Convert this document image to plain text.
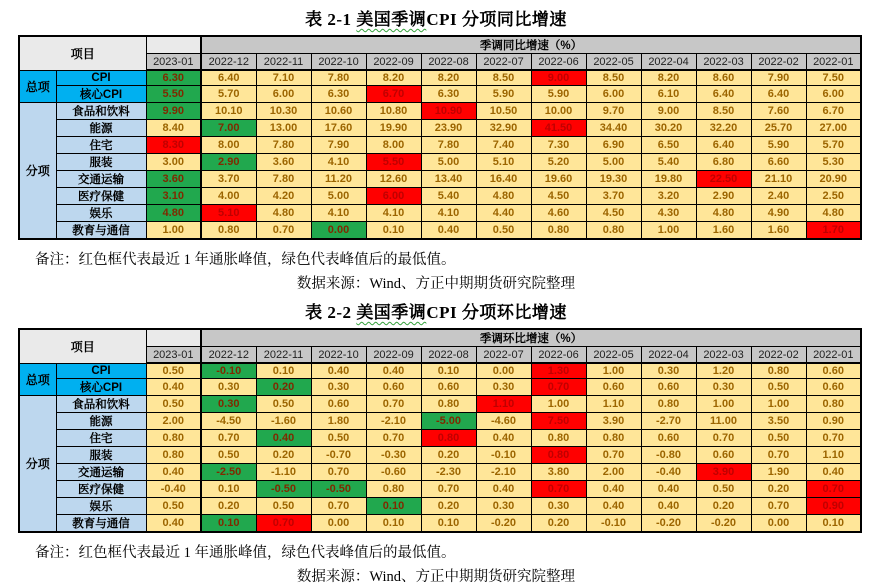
表 2-1 美国季调CPI 分项同比增速
项目			季调同比增速（%）											
		2023-01	2022-12	2022-11	2022-10	2022-09	2022-08	2022-07	2022-06	2022-05	2022-04	2022-03	2022-02	2022-01
总项	CPI	6.30	6.40	7.10	7.80	8.20	8.20	8.50	9.00	8.50	8.20	8.60	7.90	7.50
	核心CPI	5.50	5.70	6.00	6.30	6.70	6.30	5.90	5.90	6.00	6.10	6.40	6.40	6.00
分项	食品和饮料	9.90	10.10	10.30	10.60	10.80	10.90	10.50	10.00	9.70	9.00	8.50	7.60	6.70
	能源	8.40	7.00	13.00	17.60	19.90	23.90	32.90	41.50	34.40	30.20	32.20	25.70	27.00
	住宅	8.30	8.00	7.80	7.90	8.00	7.80	7.40	7.30	6.90	6.50	6.40	5.90	5.70
	服装	3.00	2.90	3.60	4.10	5.50	5.00	5.10	5.20	5.00	5.40	6.80	6.60	5.30
	交通运输	3.60	3.70	7.80	11.20	12.60	13.40	16.40	19.60	19.30	19.80	22.50	21.10	20.90
	医疗保健	3.10	4.00	4.20	5.00	6.00	5.40	4.80	4.50	3.70	3.20	2.90	2.40	2.50
	娱乐	4.80	5.10	4.80	4.10	4.10	4.10	4.40	4.60	4.50	4.30	4.80	4.90	4.80
	教育与通信	1.00	0.80	0.70	0.00	0.10	0.40	0.50	0.80	0.80	1.00	1.60	1.60	1.70
备注：红色框代表最近 1 年通胀峰值，绿色代表峰值后的最低值。
数据来源：Wind、方正中期期货研究院整理
表 2-2 美国季调CPI 分项环比增速
项目			季调环比增速（%）											
		2023-01	2022-12	2022-11	2022-10	2022-09	2022-08	2022-07	2022-06	2022-05	2022-04	2022-03	2022-02	2022-01
总项	CPI	0.50	-0.10	0.10	0.40	0.40	0.10	0.00	1.30	1.00	0.30	1.20	0.80	0.60
	核心CPI	0.40	0.30	0.20	0.30	0.60	0.60	0.30	0.70	0.60	0.60	0.30	0.50	0.60
分项	食品和饮料	0.50	0.30	0.50	0.60	0.70	0.80	1.10	1.00	1.10	0.80	1.00	1.00	0.80
	能源	2.00	-4.50	-1.60	1.80	-2.10	-5.00	-4.60	7.50	3.90	-2.70	11.00	3.50	0.90
	住宅	0.80	0.70	0.40	0.50	0.70	0.80	0.40	0.80	0.80	0.60	0.70	0.50	0.70
	服装	0.80	0.50	0.20	-0.70	-0.30	0.20	-0.10	0.80	0.70	-0.80	0.60	0.70	1.10
	交通运输	0.40	-2.50	-1.10	0.70	-0.60	-2.30	-2.10	3.80	2.00	-0.40	3.90	1.90	0.40
	医疗保健	-0.40	0.10	-0.50	-0.50	0.80	0.70	0.40	0.70	0.40	0.40	0.50	0.20	0.70
	娱乐	0.50	0.20	0.50	0.70	0.10	0.20	0.30	0.30	0.40	0.40	0.20	0.70	0.90
	教育与通信	0.40	0.10	0.70	0.00	0.10	0.10	-0.20	0.20	-0.10	-0.20	-0.20	0.00	0.10
备注：红色框代表最近 1 年通胀峰值，绿色代表峰值后的最低值。
数据来源：Wind、方正中期期货研究院整理
